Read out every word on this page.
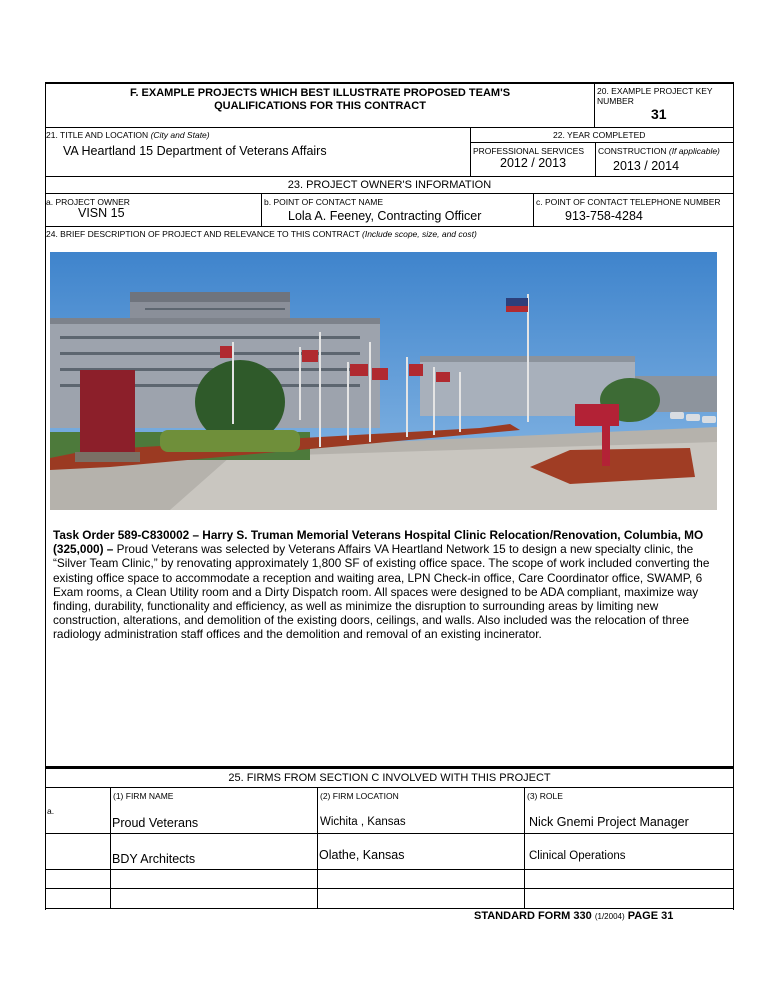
F. EXAMPLE PROJECTS WHICH BEST ILLUSTRATE PROPOSED TEAM'S QUALIFICATIONS FOR THIS CONTRACT
20. EXAMPLE PROJECT KEY NUMBER
31
21. TITLE AND LOCATION (City and State)
VA Heartland 15 Department of Veterans Affairs
22. YEAR COMPLETED
PROFESSIONAL SERVICES
2012 / 2013
CONSTRUCTION (If applicable)
2013 / 2014
23. PROJECT OWNER'S INFORMATION
a. PROJECT OWNER
VISN 15
b. POINT OF CONTACT NAME
Lola A. Feeney, Contracting Officer
c. POINT OF CONTACT TELEPHONE NUMBER
913-758-4284
24. BRIEF DESCRIPTION OF PROJECT AND RELEVANCE TO THIS CONTRACT (Include scope, size, and cost)
Task Order 589-C830002 – Harry S. Truman Memorial Veterans Hospital Clinic Relocation/Renovation, Columbia, MO (325,000) – Proud Veterans was selected by Veterans Affairs VA Heartland Network 15 to design a new specialty clinic, the “Silver Team Clinic,” by renovating approximately 1,800 SF of existing office space. The scope of work included converting the existing office space to accommodate a reception and waiting area, LPN Check-in office, Care Coordinator office, SWAMP, 6 Exam rooms, a Clean Utility room and a Dirty Dispatch room. All spaces were designed to be ADA compliant, maximize way finding, durability, functionality and efficiency, as well as minimize the disruption to surrounding areas by limiting new construction, alterations, and demolition of the existing doors, ceilings, and walls. Also included was the relocation of three radiology administration staff offices and the demolition and removal of an existing incinerator.
25. FIRMS FROM SECTION C INVOLVED WITH THIS PROJECT
a.
(1) FIRM NAME	(2) FIRM LOCATION	(3) ROLE
Proud Veterans	Wichita , Kansas	Nick Gnemi Project Manager
BDY Architects	Olathe, Kansas	Clinical Operations
STANDARD FORM 330 (1/2004) PAGE 31
